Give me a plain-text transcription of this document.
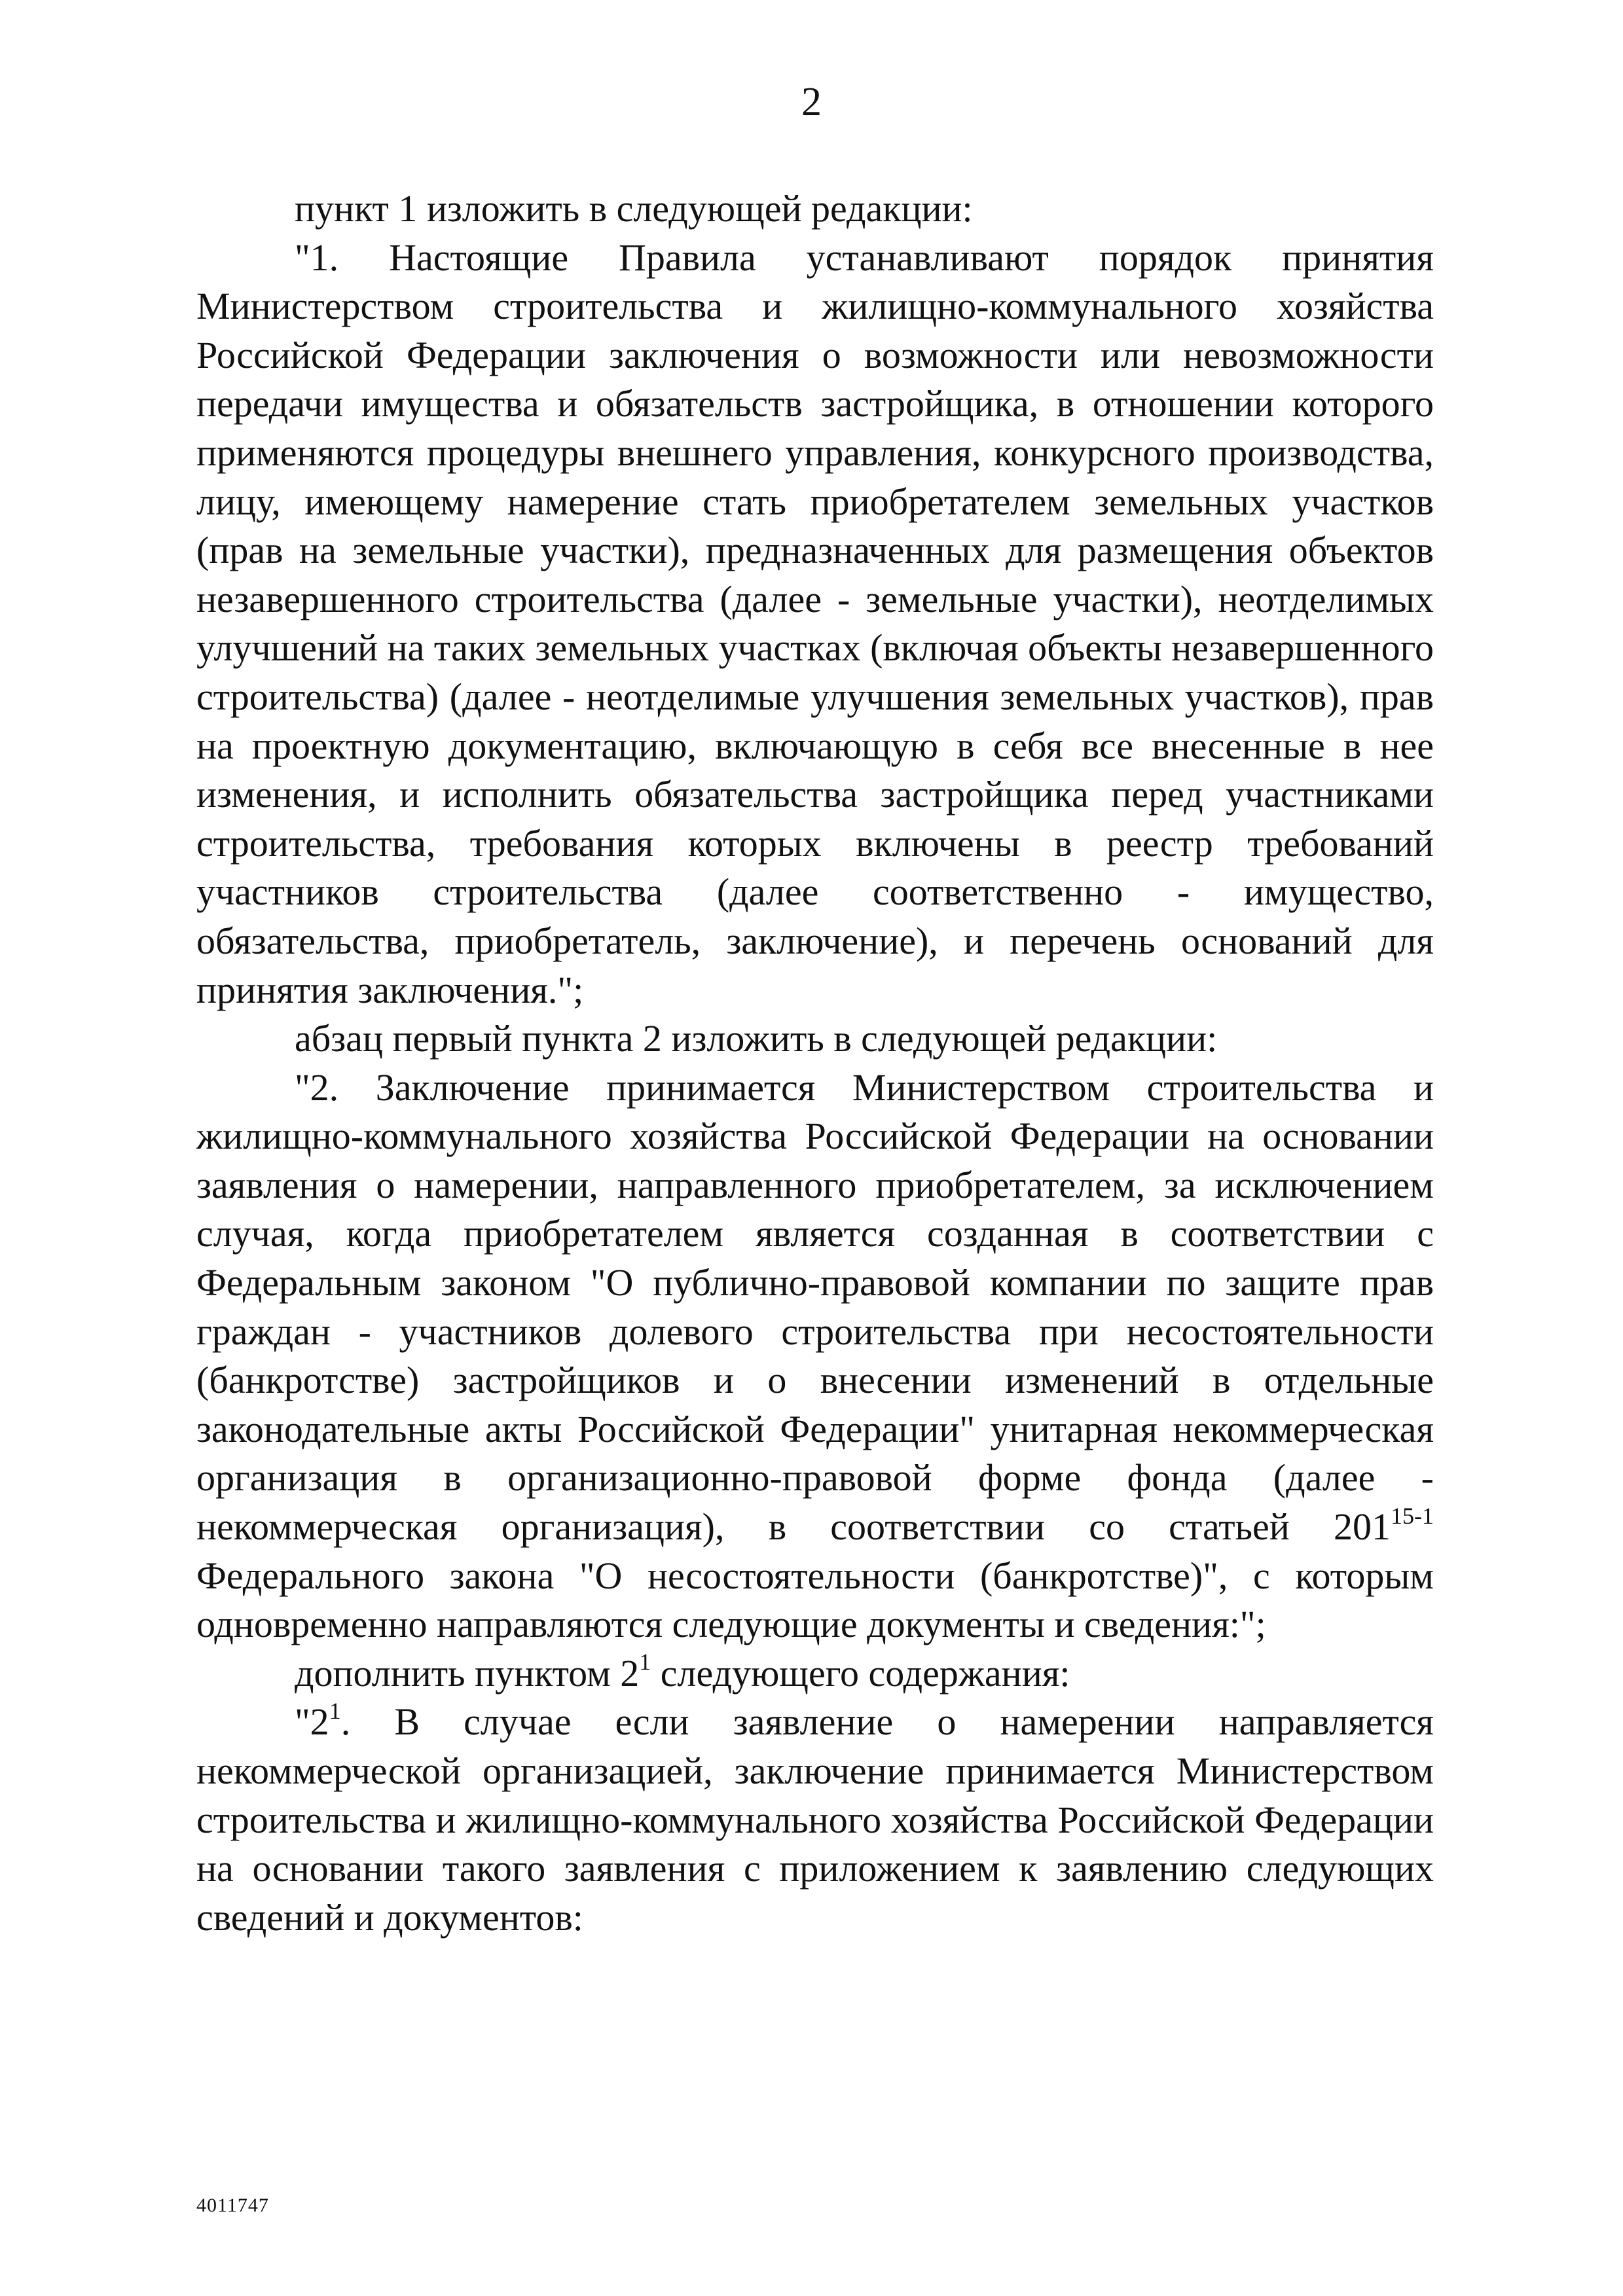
2

пункт 1 изложить в следующей редакции:

"1. Настоящие Правила устанавливают порядок принятия Министерством строительства и жилищно-коммунального хозяйства Российской Федерации заключения о возможности или невозможности передачи имущества и обязательств застройщика, в отношении которого применяются процедуры внешнего управления, конкурсного производства, лицу, имеющему намерение стать приобретателем земельных участков (прав на земельные участки), предназначенных для размещения объектов незавершенного строительства (далее - земельные участки), неотделимых улучшений на таких земельных участках (включая объекты незавершенного строительства) (далее - неотделимые улучшения земельных участков), прав на проектную документацию, включающую в себя все внесенные в нее изменения, и исполнить обязательства застройщика перед участниками строительства, требования которых включены в реестр требований участников строительства (далее соответственно - имущество, обязательства, приобретатель, заключение), и перечень оснований для принятия заключения.";

абзац первый пункта 2 изложить в следующей редакции:

"2. Заключение принимается Министерством строительства и жилищно-коммунального хозяйства Российской Федерации на основании заявления о намерении, направленного приобретателем, за исключением случая, когда приобретателем является созданная в соответствии с Федеральным законом "О публично-правовой компании по защите прав граждан - участников долевого строительства при несостоятельности (банкротстве) застройщиков и о внесении изменений в отдельные законодательные акты Российской Федерации" унитарная некоммерческая организация в организационно-правовой форме фонда (далее - некоммерческая организация), в соответствии со статьей 201$^{15-1}$ Федерального закона "О несостоятельности (банкротстве)", с которым одновременно направляются следующие документы и сведения:";

дополнить пунктом $2^1$ следующего содержания:

"$2^1$. В случае если заявление о намерении направляется некоммерческой организацией, заключение принимается Министерством строительства и жилищно-коммунального хозяйства Российской Федерации на основании такого заявления с приложением к заявлению следующих сведений и документов:

4011747
